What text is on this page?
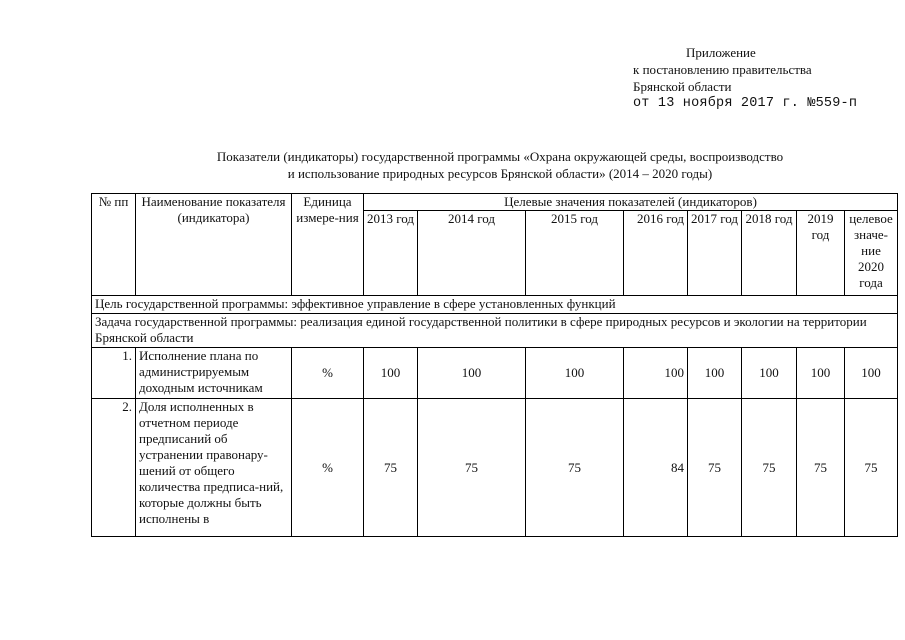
Приложение
к постановлению правительства
Брянской области
от 13 ноября 2017 г. №559-п
Показатели (индикаторы) государственной программы «Охрана окружающей среды, воспроизводство
и использование природных ресурсов Брянской области» (2014 – 2020 годы)
№ пп	Наименование показателя (индикатора)	Единица измере-ния	Целевые значения показателей (индикаторов)							
			2013 год	2014 год	2015 год	2016 год	2017 год	2018 год	2019 год	целевое значе-ние 2020 года
Цель государственной программы: эффективное управление в сфере установленных функций										
Задача государственной программы: реализация единой государственной политики в сфере природных ресурсов и экологии на территории Брянской области										
1.	Исполнение плана по администрируемым доходным источникам	%	100	100	100	100	100	100	100	100
2.	Доля исполненных в отчетном периоде предписаний об устранении правонару-шений от общего количества предписа-ний, которые должны быть исполнены в	%	75	75	75	84	75	75	75	75
